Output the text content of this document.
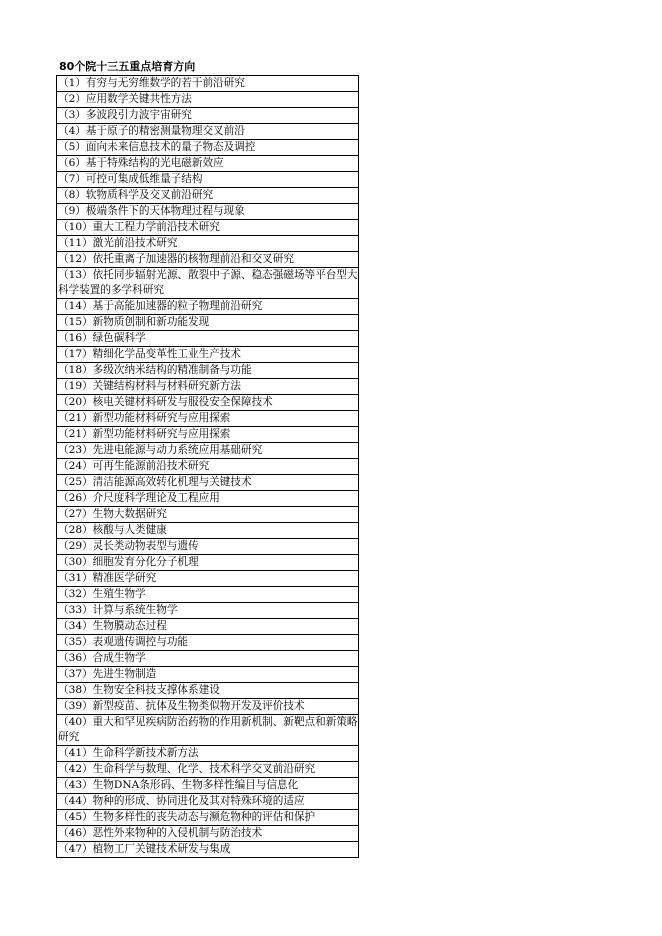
80个院十三五重点培育方向
（1）有穷与无穷维数学的若干前沿研究
（2）应用数学关键共性方法
（3）多波段引力波宇宙研究
（4）基于原子的精密测量物理交叉前沿
（5）面向未来信息技术的量子物态及调控
（6）基于特殊结构的光电磁新效应
（7）可控可集成低维量子结构
（8）软物质科学及交叉前沿研究
（9）极端条件下的天体物理过程与现象
（10）重大工程力学前沿技术研究
（11）激光前沿技术研究
（12）依托重离子加速器的核物理前沿和交叉研究
（13）依托同步辐射光源、散裂中子源、稳态强磁场等平台型大科学装置的多学科研究
（14）基于高能加速器的粒子物理前沿研究
（15）新物质创制和新功能发现
（16）绿色碳科学
（17）精细化学品变革性工业生产技术
（18）多级次纳米结构的精准制备与功能
（19）关键结构材料与材料研究新方法
（20）核电关键材料研发与服役安全保障技术
（21）新型功能材料研究与应用探索
（21）新型功能材料研究与应用探索
（23）先进电能源与动力系统应用基础研究
（24）可再生能源前沿技术研究
（25）清洁能源高效转化机理与关键技术
（26）介尺度科学理论及工程应用
（27）生物大数据研究
（28）核酸与人类健康
（29）灵长类动物表型与遗传
（30）细胞发育分化分子机理
（31）精准医学研究
（32）生殖生物学
（33）计算与系统生物学
（34）生物膜动态过程
（35）表观遗传调控与功能
（36）合成生物学
（37）先进生物制造
（38）生物安全科技支撑体系建设
（39）新型疫苗、抗体及生物类似物开发及评价技术
（40）重大和罕见疾病防治药物的作用新机制、新靶点和新策略研究
（41）生命科学新技术新方法
（42）生命科学与数理、化学、技术科学交叉前沿研究
（43）生物DNA条形码、生物多样性编目与信息化
（44）物种的形成、协同进化及其对特殊环境的适应
（45）生物多样性的丧失动态与濒危物种的评估和保护
（46）恶性外来物种的入侵机制与防治技术
（47）植物工厂关键技术研发与集成
